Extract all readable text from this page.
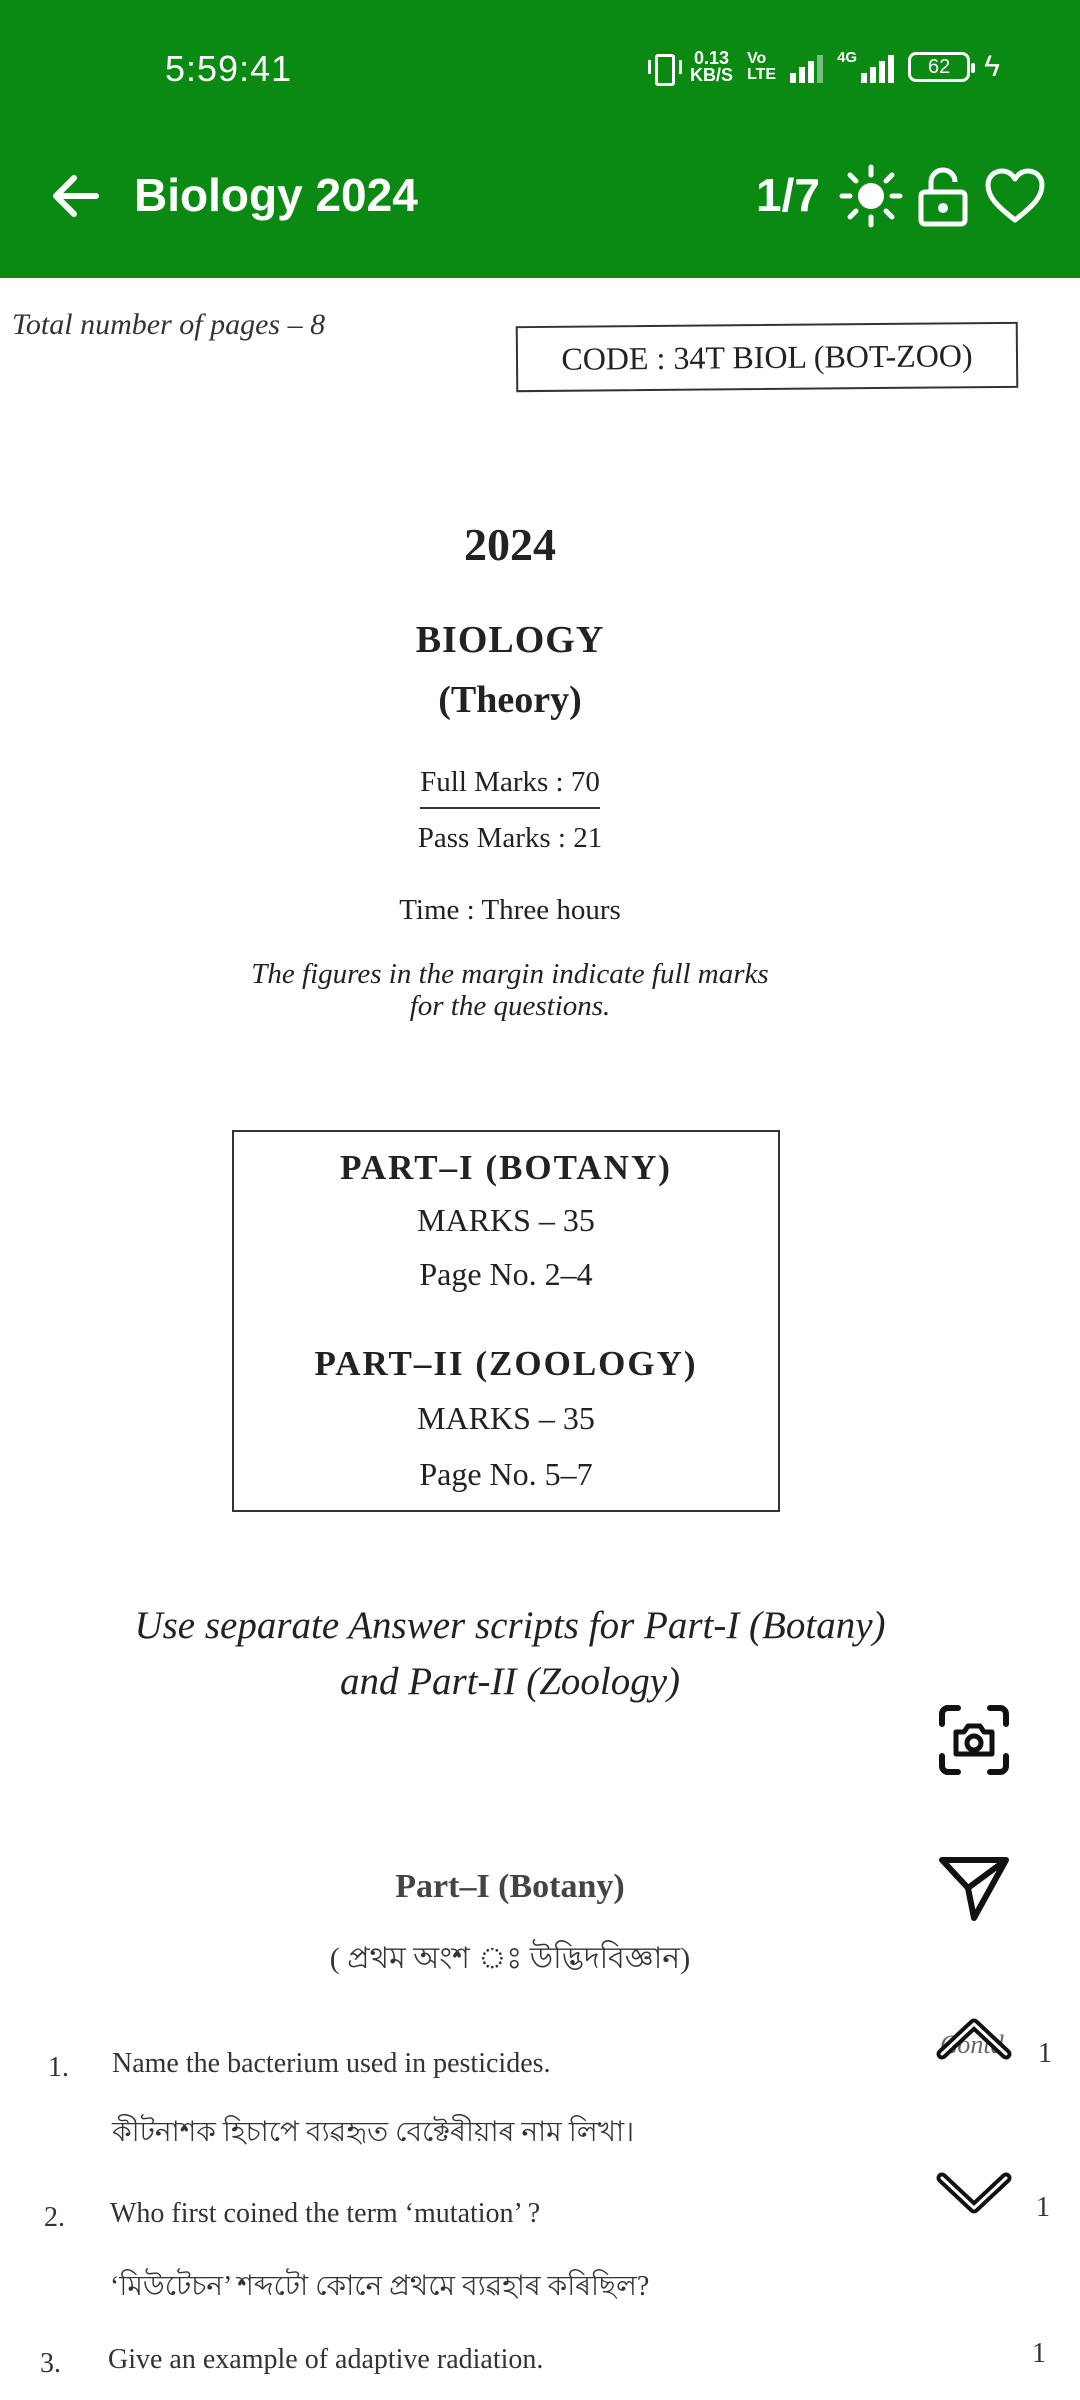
5:59:41	0.13
KB/S
Vo
LTE
4G	62 ϟ
Biology 2024	1/7
Total number of pages – 8
CODE : 34T BIOL (BOT-ZOO)
2024
BIOLOGY
(Theory)
Full Marks : 70
Pass Marks : 21
Time : Three hours
The figures in the margin indicate full marks
for the questions.
PART–I (BOTANY)
MARKS – 35
Page No. 2–4
PART–II (ZOOLOGY)
MARKS – 35
Page No. 5–7
Use separate Answer scripts for Part-I (Botany)
and Part-II (Zoology)
Contd.
Part–I (Botany)
( প্ৰথম অংশ ঃ উদ্ভিদবিজ্ঞান)
1. Name the bacterium used in pesticides.
কীটনাশক হিচাপে ব্যৱহৃত বেক্টেৰীয়াৰ নাম লিখা।
1
2. Who first coined the term ‘mutation’ ?
‘মিউটেচন’ শব্দটো কোনে প্ৰথমে ব্যৱহাৰ কৰিছিল?
1
3. Give an example of adaptive radiation.	1
